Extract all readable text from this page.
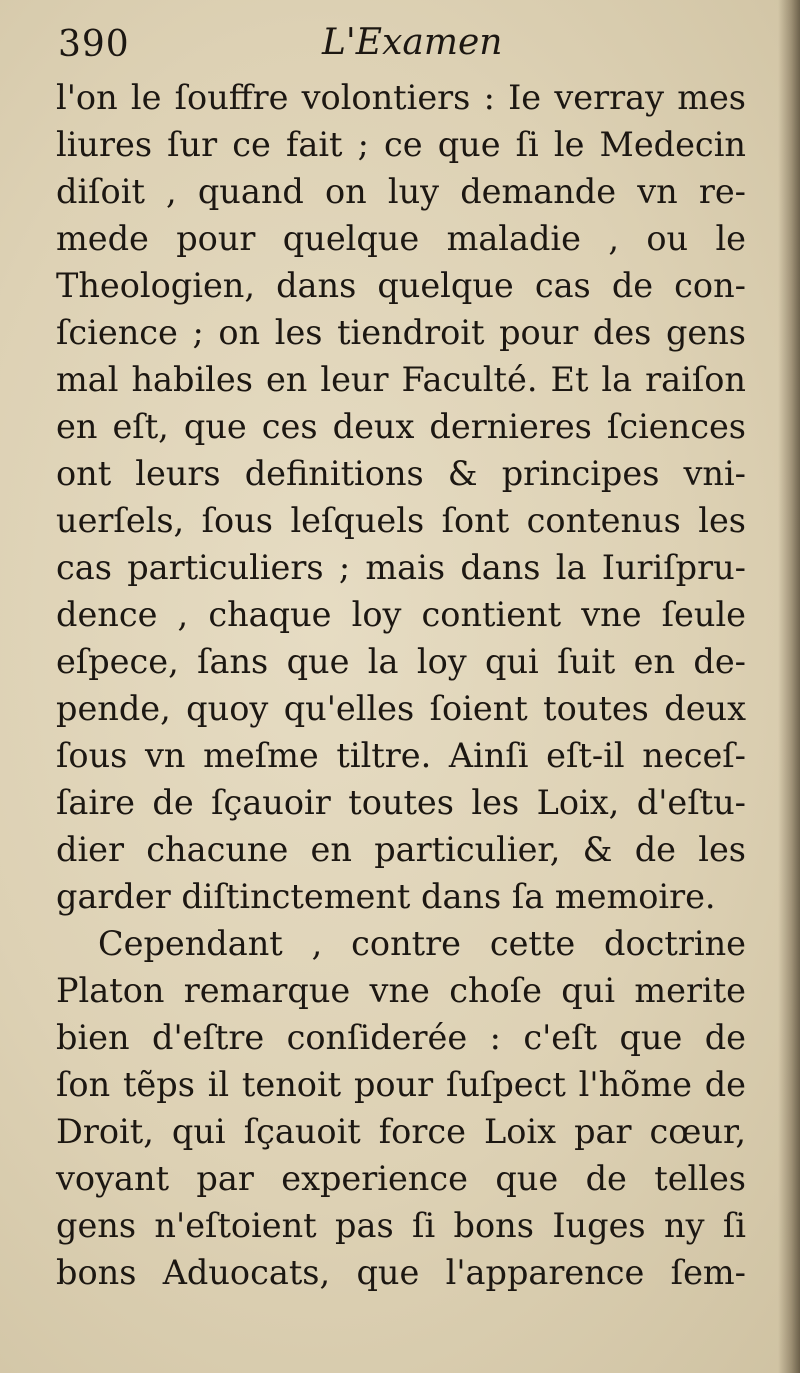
390	L'Examen
l'on le ſouffre volontiers : Ie verray mes
liures ſur ce fait ; ce que ſi le Medecin
diſoit , quand on luy demande vn re-
mede pour quelque maladie , ou le
Theologien, dans quelque cas de con-
ſcience ; on les tiendroit pour des gens
mal habiles en leur Faculté. Et la raiſon
en eſt, que ces deux dernieres ſciences
ont leurs definitions & principes vni-
uerſels, ſous leſquels ſont contenus les
cas particuliers ; mais dans la Iuriſpru-
dence , chaque loy contient vne ſeule
eſpece, ſans que la loy qui ſuit en de-
pende, quoy qu'elles ſoient toutes deux
ſous vn meſme tiltre. Ainſi eſt-il neceſ-
ſaire de ſçauoir toutes les Loix, d'eſtu-
dier chacune en particulier, & de les
garder diſtinctement dans ſa memoire.
Cependant , contre cette doctrine
Platon remarque vne choſe qui merite
bien d'eſtre conſiderée : c'eſt que de
ſon tẽps il tenoit pour ſuſpect l'hõme de
Droit, qui ſçauoit force Loix par cœur,
voyant par experience que de telles
gens n'eſtoient pas ſi bons Iuges ny ſi
bons Aduocats, que l'apparence ſem-
